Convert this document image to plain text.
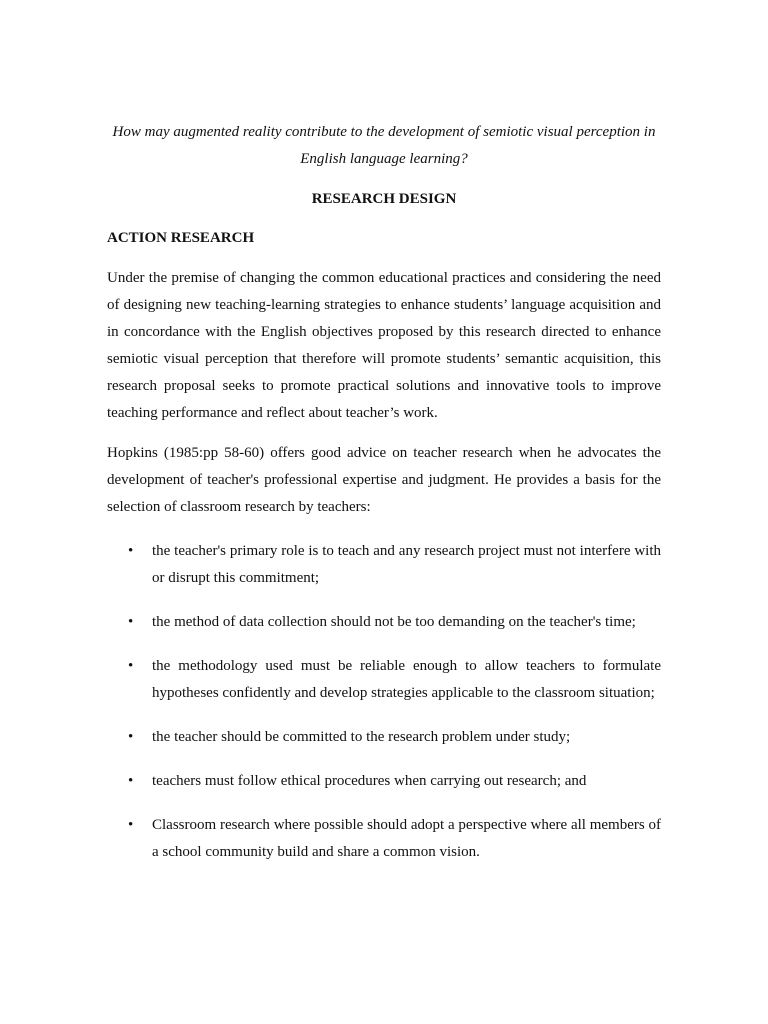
How may augmented reality contribute to the development of semiotic visual perception in English language learning?

RESEARCH DESIGN

ACTION RESEARCH

Under the premise of changing the common educational practices and considering the need of designing new teaching-learning strategies to enhance students’ language acquisition and in concordance with the English objectives proposed by this research directed to enhance semiotic visual perception that therefore will promote students’ semantic acquisition, this research proposal seeks to promote practical solutions and innovative tools to improve teaching performance and reflect about teacher’s work.

Hopkins (1985:pp 58-60) offers good advice on teacher research when he advocates the development of teacher's professional expertise and judgment. He provides a basis for the selection of classroom research by teachers:

• the teacher's primary role is to teach and any research project must not interfere with or disrupt this commitment;
• the method of data collection should not be too demanding on the teacher's time;
• the methodology used must be reliable enough to allow teachers to formulate hypotheses confidently and develop strategies applicable to the classroom situation;
• the teacher should be committed to the research problem under study;
• teachers must follow ethical procedures when carrying out research; and
• Classroom research where possible should adopt a perspective where all members of a school community build and share a common vision.
